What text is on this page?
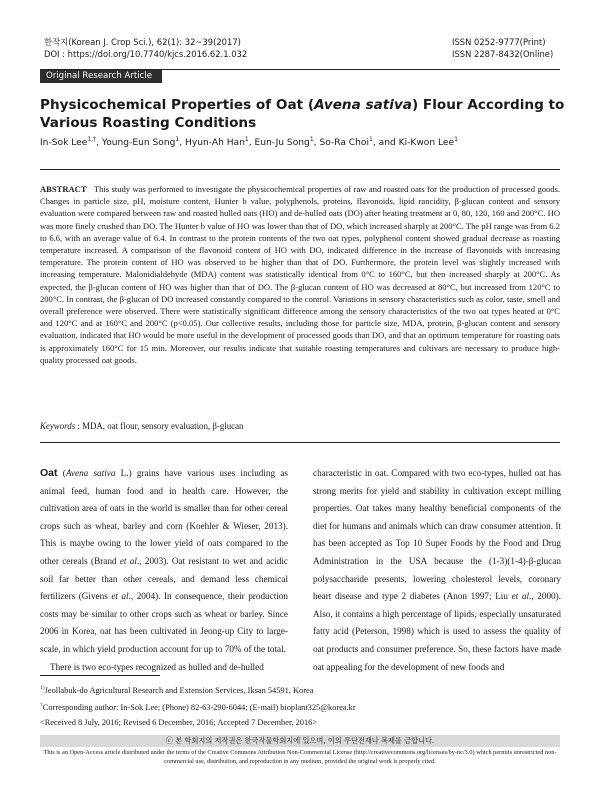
한작지(Korean J. Crop Sci.), 62(1): 32~39(2017)
DOI : https://doi.org/10.7740/kjcs.2016.62.1.032
ISSN 0252-9777(Print)
ISSN 2287-8432(Online)
Original Research Article
Physicochemical Properties of Oat (Avena sativa) Flour According to Various Roasting Conditions
In-Sok Lee$^{1,\dagger}$, Young-Eun Song$^1$, Hyun-Ah Han$^1$, Eun-Ju Song$^1$, So-Ra Choi$^1$, and Ki-Kwon Lee$^1$
ABSTRACT This study was performed to investigate the physicochemical properties of raw and roasted oats for the production of processed goods. Changes in particle size, pH, moisture content, Hunter b value, polyphenols, proteins, flavonoids, lipid rancidity, β-glucan content and sensory evaluation were compared between raw and roasted hulled oats (HO) and de-hulled oats (DO) after heating treatment at 0, 80, 120, 160 and 200°C. HO was more finely crushed than DO. The Hunter b value of HO was lower than that of DO, which increased sharply at 200°C. The pH range was from 6.2 to 6.6, with an average value of 6.4. In contrast to the protein contents of the two oat types, polyphenol content showed gradual decrease as roasting temperature increased. A comparison of the flavonoid content of HO with DO, indicated difference in the increase of flavonoids with increasing temperature. The protein content of HO was observed to be higher than that of DO. Furthermore, the protein level was slightly increased with increasing temperature. Malonidialdehyde (MDA) content was statistically identical from 0°C to 160°C, but then increased sharply at 200°C. As expected, the β-glucan content of HO was higher than that of DO. The β-glucan content of HO was decreased at 80°C, but increased from 120°C to 200°C. In contrast, the β-glucan of DO increased constantly compared to the control. Variations in sensory characteristics such as color, taste, smell and overall preference were observed. There were statistically significant difference among the sensory characteristics of the two oat types heated at 0°C and 120°C and at 160°C and 200°C (p<0.05). Our collective results, including those for particle size, MDA, protein, β-glucan content and sensory evaluation, indicated that HO would be more useful in the development of processed goods than DO, and that an optimum temperature for roasting oats is approximately 160°C for 15 min. Moreover, our results indicate that suitable roasting temperatures and cultivars are necessary to produce high-quality processed oat goods.
Keywords : MDA, oat flour, sensory evaluation, β-glucan

Oat (Avena sativa L.) grains have various uses including as animal feed, human food and in health care. However, the cultivation area of oats in the world is smaller than for other cereal crops such as wheat, barley and corn (Koehler & Wieser, 2013). This is maybe owing to the lower yield of oats compared to the other cereals (Brand et al., 2003). Oat resistant to wet and acidic soil far better than other cereals, and demand less chemical fertilizers (Givens et al., 2004). In consequence, their production costs may be similar to other crops such as wheat or barley. Since 2006 in Korea, oat has been cultivated in Jeong-up City to large-scale, in which yield production account for up to 70% of the total.

There is two eco-types recognized as hulled and de-hulled

characteristic in oat. Compared with two eco-types, hulled oat has strong merits for yield and stability in cultivation except milling properties. Oat takes many healthy beneficial components of the diet for humans and animals which can draw consumer attention. It has been accepted as Top 10 Super Foods by the Food and Drug Administration in the USA because the (1-3)(1-4)-β-glucan polysaccharide presents, lowering cholesterol levels, coronary heart disease and type 2 diabetes (Anon 1997; Liu et al., 2000). Also, it contains a high percentage of lipids, especially unsaturated fatty acid (Peterson, 1998) which is used to assess the quality of oat products and consumer preference. So, these factors have made oat appealing for the development of new foods and

$^{1)}$Jeollabuk-do Agricultural Research and Extension Services, Iksan 54591, Korea
†Corresponding author: In-Sok Lee; (Phone) 82-63-290-6044; (E-mail) bioplant325@korea.kr
<Received 8 July, 2016; Revised 6 December, 2016; Accepted 7 December, 2016>
ⓒ 본 학회지의 저작권은 한국작물학회지에 있으며, 이의 무단전재나 복제를 금합니다.
This is an Open-Access article distributed under the terms of the Creative Commons Attribution Non-Commercial License (http://creativecommons.org/licenses/by-nc/3.0) which permits unrestricted non-commercial use, distribution, and reproduction in any medium, provided the original work is properly cited.
